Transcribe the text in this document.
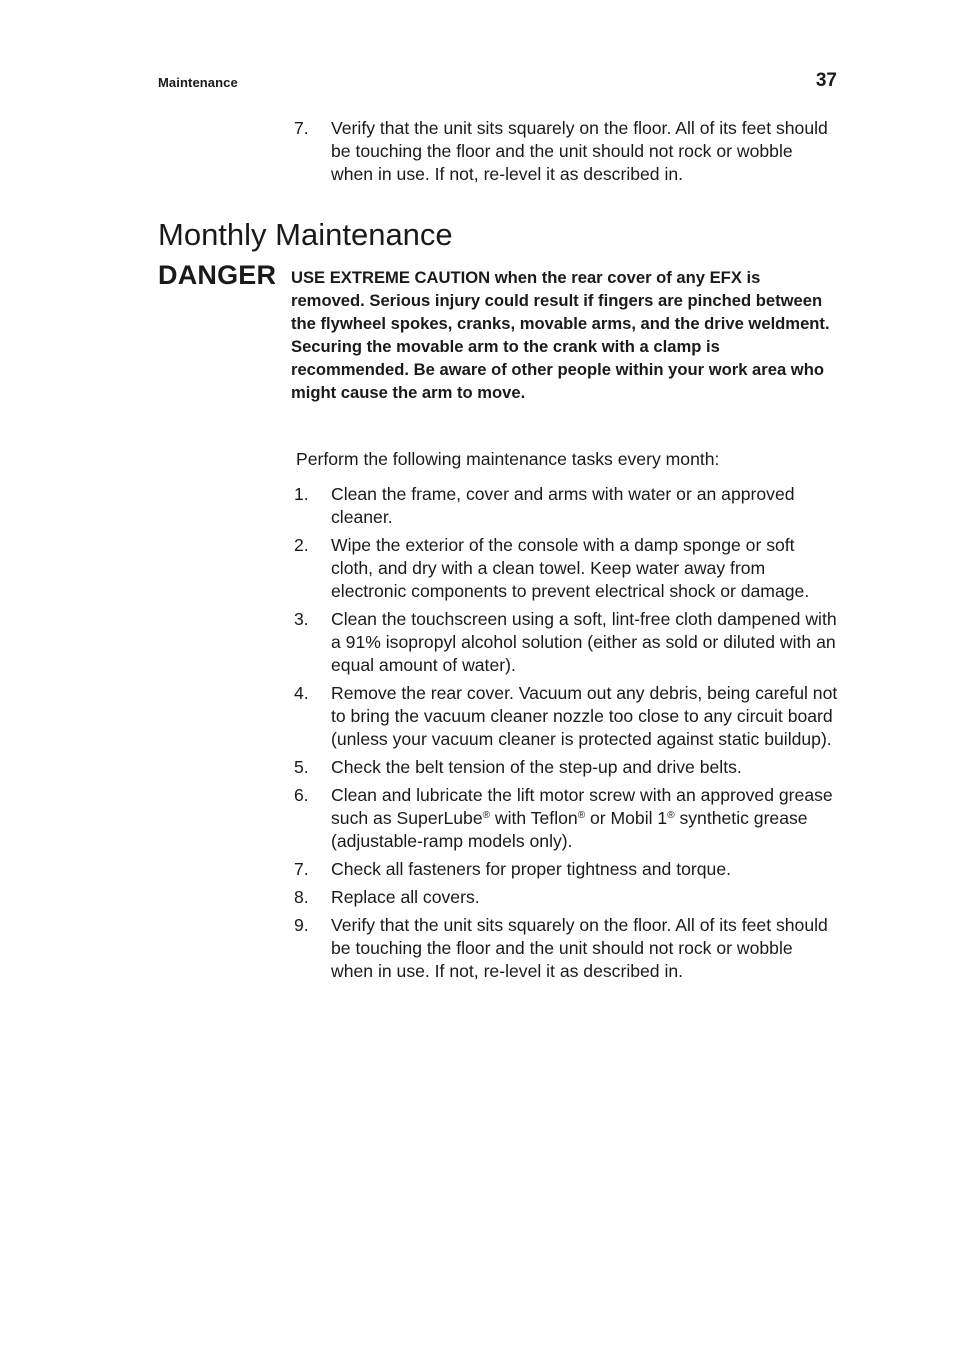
Maintenance	37
7. Verify that the unit sits squarely on the floor. All of its feet should be touching the floor and the unit should not rock or wobble when in use. If not, re-level it as described in.
Monthly Maintenance
DANGER USE EXTREME CAUTION when the rear cover of any EFX is removed. Serious injury could result if fingers are pinched between the flywheel spokes, cranks, movable arms, and the drive weldment. Securing the movable arm to the crank with a clamp is recommended. Be aware of other people within your work area who might cause the arm to move.

Perform the following maintenance tasks every month:

1. Clean the frame, cover and arms with water or an approved cleaner.
2. Wipe the exterior of the console with a damp sponge or soft cloth, and dry with a clean towel. Keep water away from electronic components to prevent electrical shock or damage.
3. Clean the touchscreen using a soft, lint-free cloth dampened with a 91% isopropyl alcohol solution (either as sold or diluted with an equal amount of water).
4. Remove the rear cover. Vacuum out any debris, being careful not to bring the vacuum cleaner nozzle too close to any circuit board (unless your vacuum cleaner is protected against static buildup).
5. Check the belt tension of the step-up and drive belts.
6. Clean and lubricate the lift motor screw with an approved grease such as SuperLube® with Teflon® or Mobil 1® synthetic grease (adjustable-ramp models only).
7. Check all fasteners for proper tightness and torque.
8. Replace all covers.
9. Verify that the unit sits squarely on the floor. All of its feet should be touching the floor and the unit should not rock or wobble when in use. If not, re-level it as described in.
